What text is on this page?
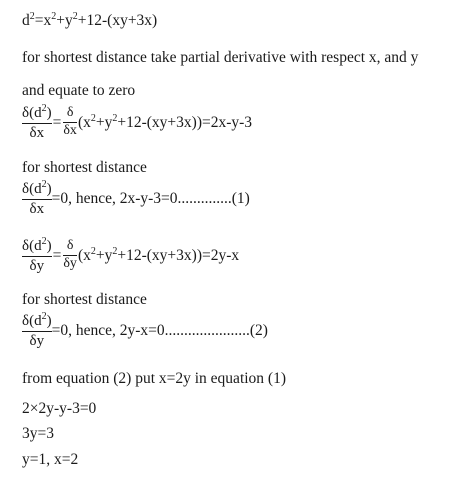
$d^2=x^2+y^2+12-(xy+3x)$
for shortest distance take partial derivative with respect x, and y
and equate to zero
$\frac{\delta(d^2)}{\delta x} = \frac{\delta}{\delta x} (x^2+y^2+12-(xy+3x))=2x-y-3$
for shortest distance
$\frac{\delta(d^2)}{\delta x} =0$, hence, 2x-y-3=0..............(1)
$\frac{\delta(d^2)}{\delta y} = \frac{\delta}{\delta y} (x^2+y^2+12-(xy+3x))=2y-x$
for shortest distance
$\frac{\delta(d^2)}{\delta y} =0$, hence, 2y-x=0......................(2)
from equation (2) put x=2y in equation (1)
2×2y-y-3=0
3y=3
y=1, x=2
